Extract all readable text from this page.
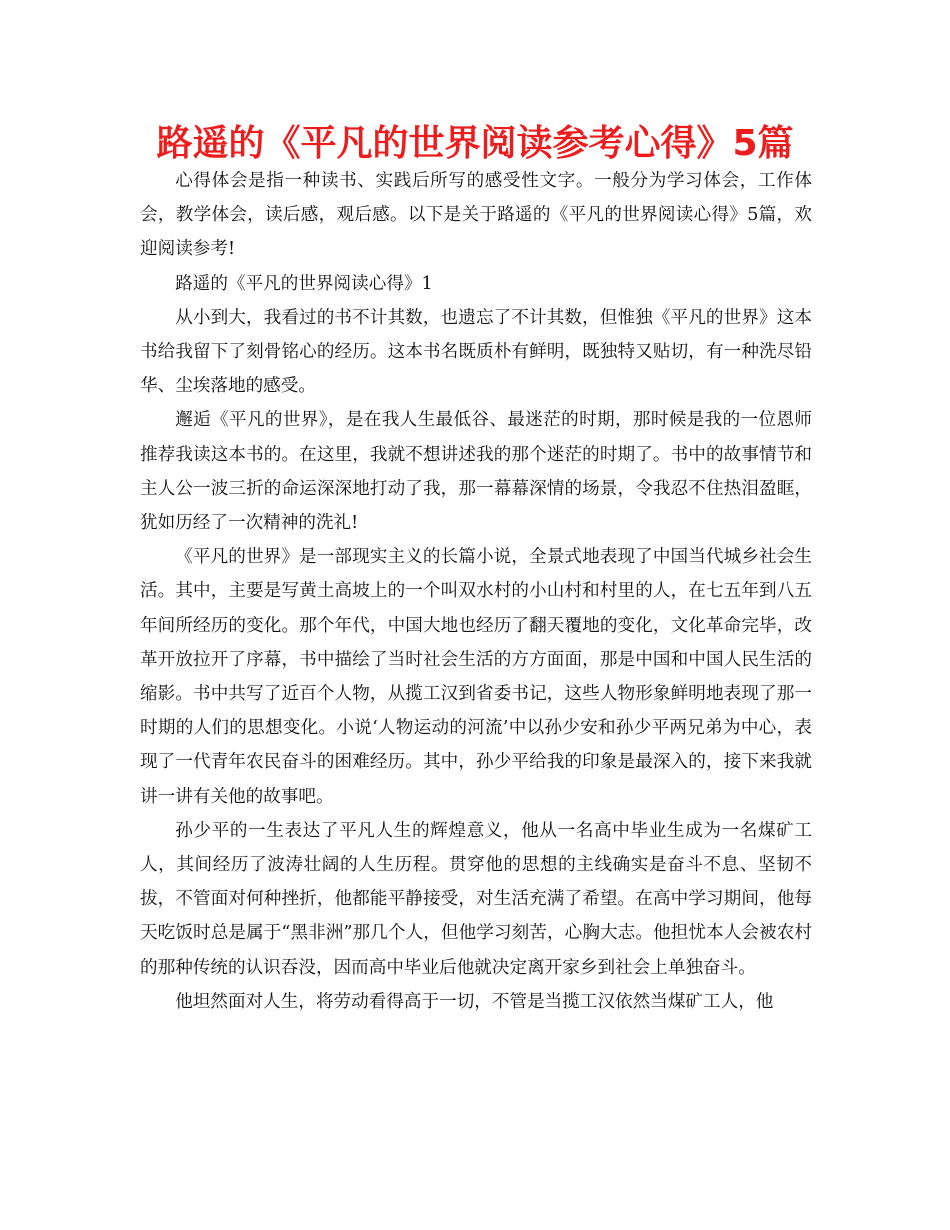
路遥的《平凡的世界阅读参考心得》5篇

心得体会是指一种读书、实践后所写的感受性文字。一般分为学习体会，工作体会，教学体会，读后感，观后感。以下是关于路遥的《平凡的世界阅读心得》5篇，欢迎阅读参考!

路遥的《平凡的世界阅读心得》1

从小到大，我看过的书不计其数，也遗忘了不计其数，但惟独《平凡的世界》这本书给我留下了刻骨铭心的经历。这本书名既质朴有鲜明，既独特又贴切，有一种洗尽铅华、尘埃落地的感受。

邂逅《平凡的世界》，是在我人生最低谷、最迷茫的时期，那时候是我的一位恩师推荐我读这本书的。在这里，我就不想讲述我的那个迷茫的时期了。书中的故事情节和主人公一波三折的命运深深地打动了我，那一幕幕深情的场景，令我忍不住热泪盈眶，犹如历经了一次精神的洗礼!

《平凡的世界》是一部现实主义的长篇小说，全景式地表现了中国当代城乡社会生活。其中，主要是写黄土高坡上的一个叫双水村的小山村和村里的人，在七五年到八五年间所经历的变化。那个年代，中国大地也经历了翻天覆地的变化，文化革命完毕，改革开放拉开了序幕，书中描绘了当时社会生活的方方面面，那是中国和中国人民生活的缩影。书中共写了近百个人物，从揽工汉到省委书记，这些人物形象鲜明地表现了那一时期的人们的思想变化。小说‘人物运动的河流’中以孙少安和孙少平两兄弟为中心，表现了一代青年农民奋斗的困难经历。其中，孙少平给我的印象是最深入的，接下来我就讲一讲有关他的故事吧。

孙少平的一生表达了平凡人生的辉煌意义，他从一名高中毕业生成为一名煤矿工人，其间经历了波涛壮阔的人生历程。贯穿他的思想的主线确实是奋斗不息、坚韧不拔，不管面对何种挫折，他都能平静接受，对生活充满了希望。在高中学习期间，他每天吃饭时总是属于“黑非洲”那几个人，但他学习刻苦，心胸大志。他担忧本人会被农村的那种传统的认识吞没，因而高中毕业后他就决定离开家乡到社会上单独奋斗。

他坦然面对人生，将劳动看得高于一切，不管是当揽工汉依然当煤矿工人，他
